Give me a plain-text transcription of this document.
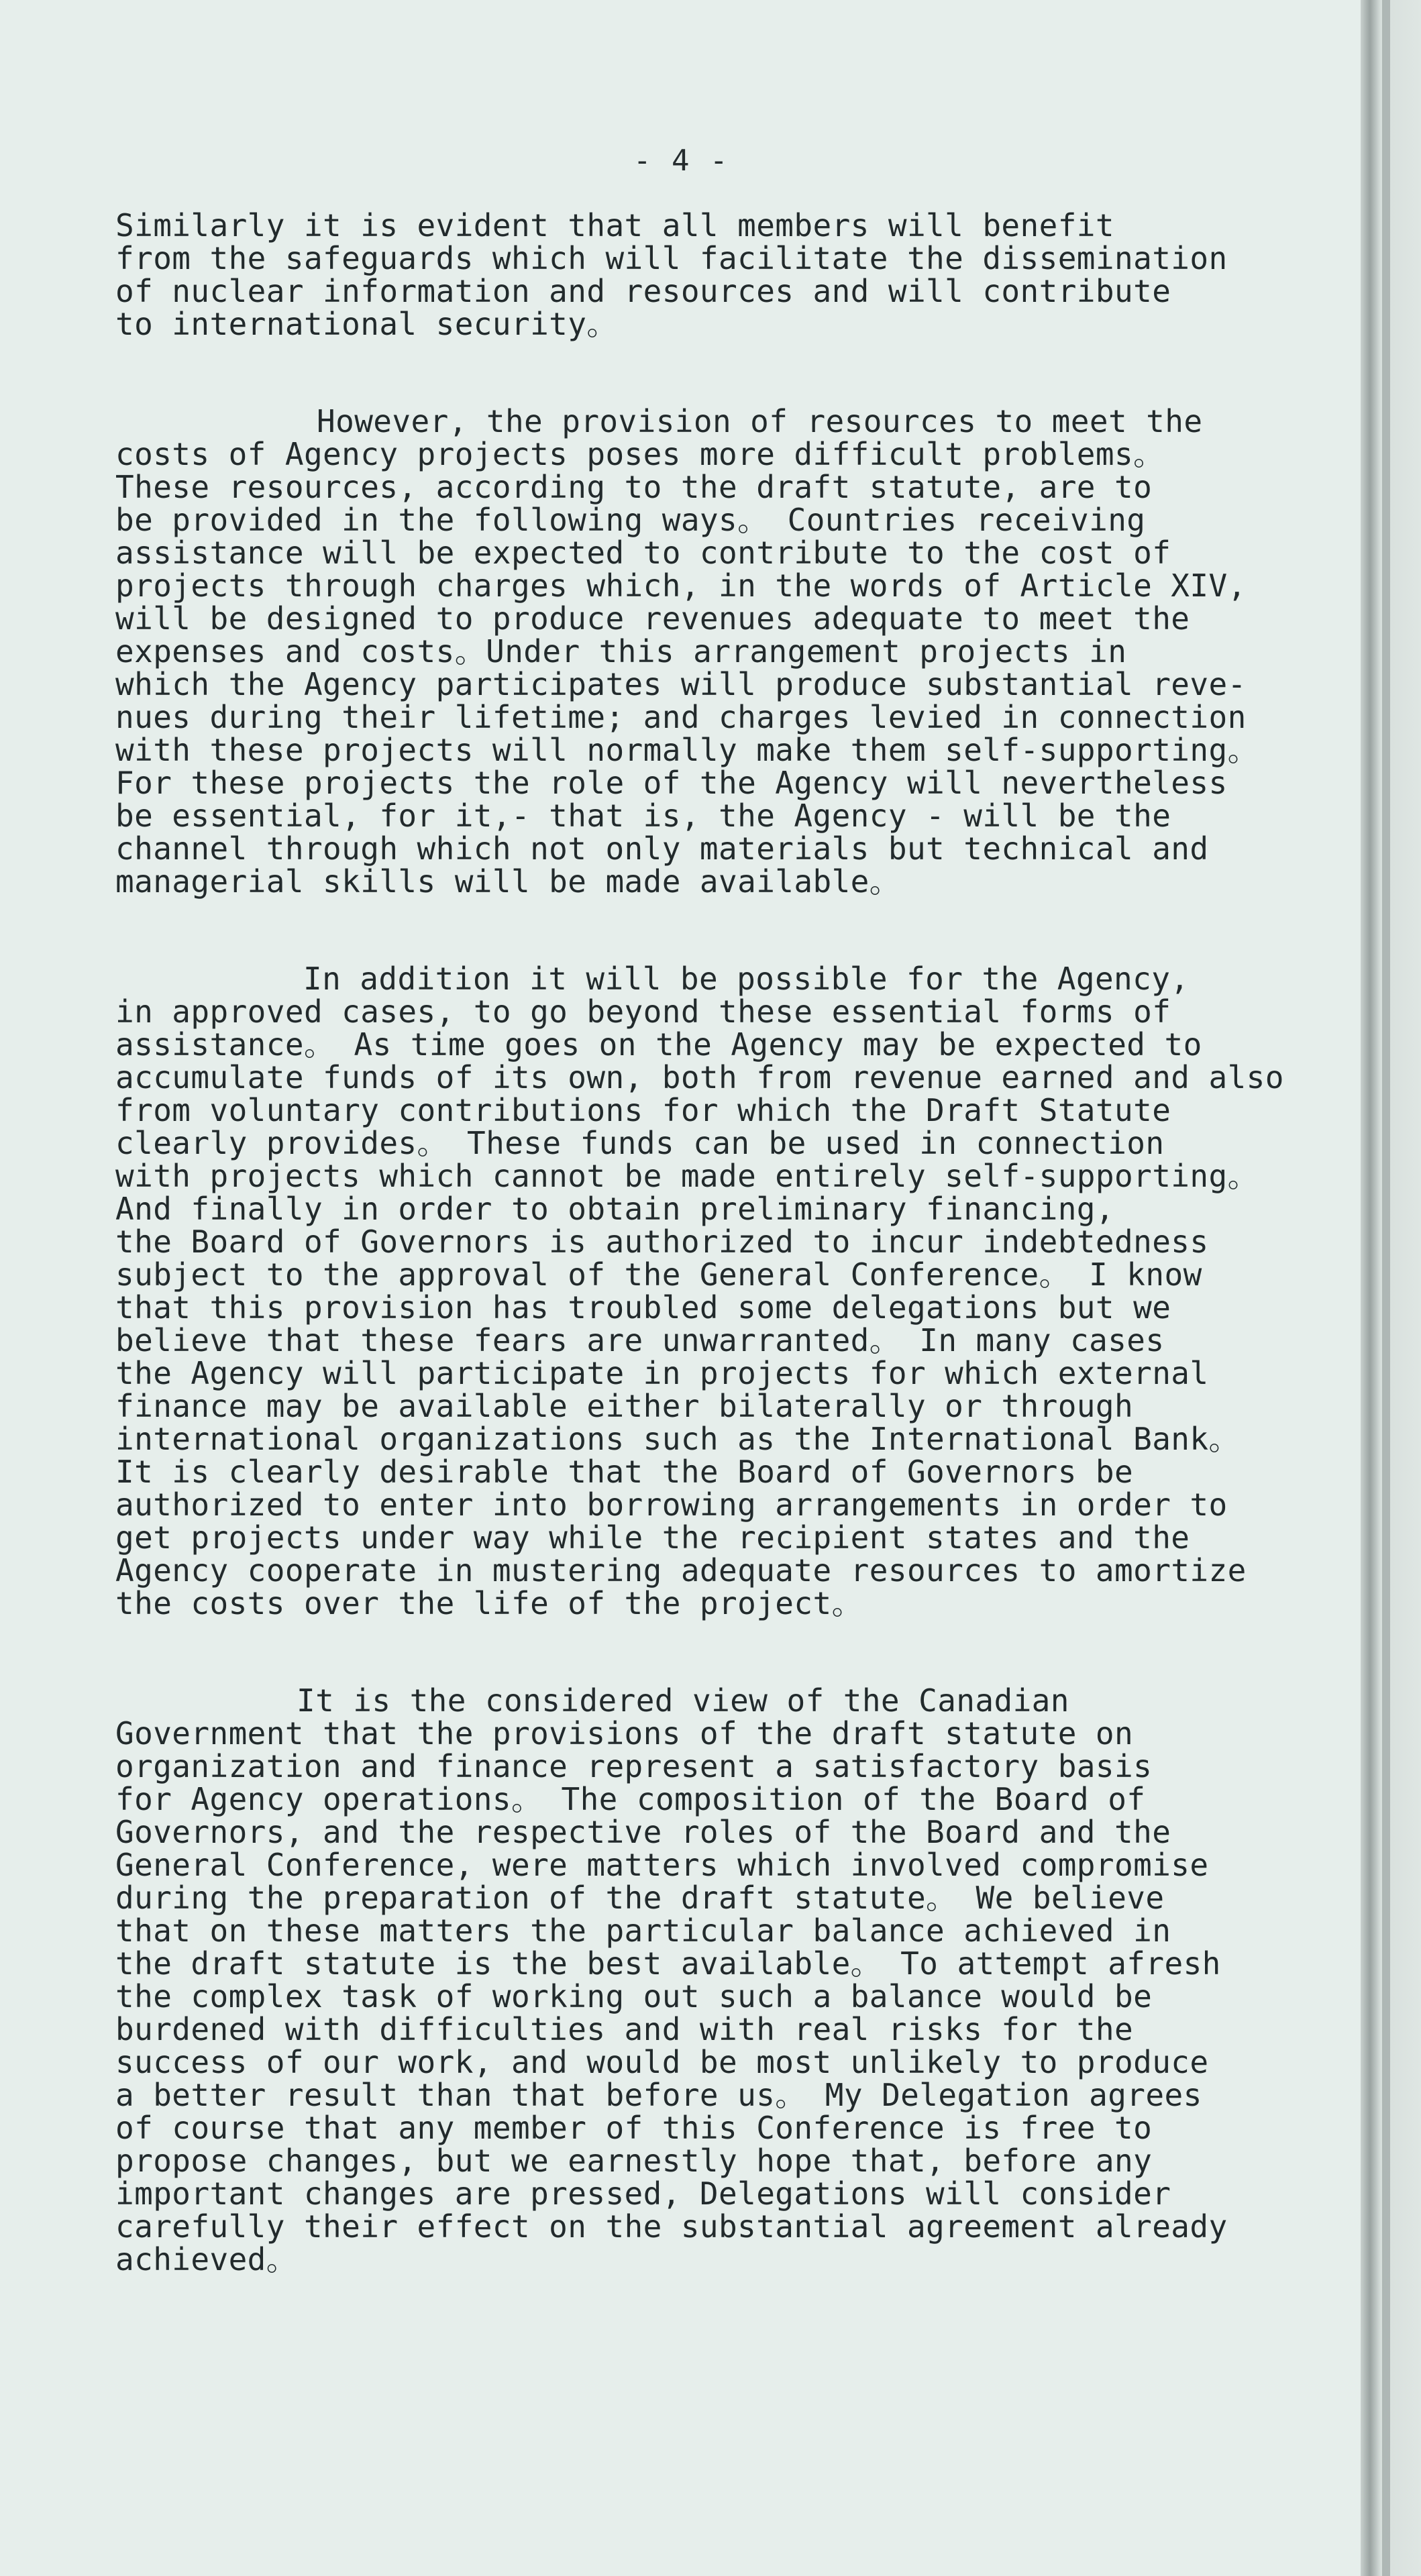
- 4 -
Similarly it is evident that all members will benefit
from the safeguards which will facilitate the dissemination
of nuclear information and resources and will contribute
to international security。
However, the provision of resources to meet the
costs of Agency projects poses more difficult problems。
These resources, according to the draft statute, are to
be provided in the following ways。 Countries receiving
assistance will be expected to contribute to the cost of
projects through charges which, in the words of Article XIV,
will be designed to produce revenues adequate to meet the
expenses and costs。Under this arrangement projects in
which the Agency participates will produce substantial reve-
nues during their lifetime; and charges levied in connection
with these projects will normally make them self-supporting。
For these projects the role of the Agency will nevertheless
be essential, for it,- that is, the Agency - will be the
channel through which not only materials but technical and
managerial skills will be made available。
In addition it will be possible for the Agency,
in approved cases, to go beyond these essential forms of
assistance。 As time goes on the Agency may be expected to
accumulate funds of its own, both from revenue earned and also
from voluntary contributions for which the Draft Statute
clearly provides。 These funds can be used in connection
with projects which cannot be made entirely self-supporting。
And finally in order to obtain preliminary financing,
the Board of Governors is authorized to incur indebtedness
subject to the approval of the General Conference。 I know
that this provision has troubled some delegations but we
believe that these fears are unwarranted。 In many cases
the Agency will participate in projects for which external
finance may be available either bilaterally or through
international organizations such as the International Bank。
It is clearly desirable that the Board of Governors be
authorized to enter into borrowing arrangements in order to
get projects under way while the recipient states and the
Agency cooperate in mustering adequate resources to amortize
the costs over the life of the project。
It is the considered view of the Canadian
Government that the provisions of the draft statute on
organization and finance represent a satisfactory basis
for Agency operations。 The composition of the Board of
Governors, and the respective roles of the Board and the
General Conference, were matters which involved compromise
during the preparation of the draft statute。 We believe
that on these matters the particular balance achieved in
the draft statute is the best available。 To attempt afresh
the complex task of working out such a balance would be
burdened with difficulties and with real risks for the
success of our work, and would be most unlikely to produce
a better result than that before us。 My Delegation agrees
of course that any member of this Conference is free to
propose changes, but we earnestly hope that, before any
important changes are pressed, Delegations will consider
carefully their effect on the substantial agreement already
achieved。
